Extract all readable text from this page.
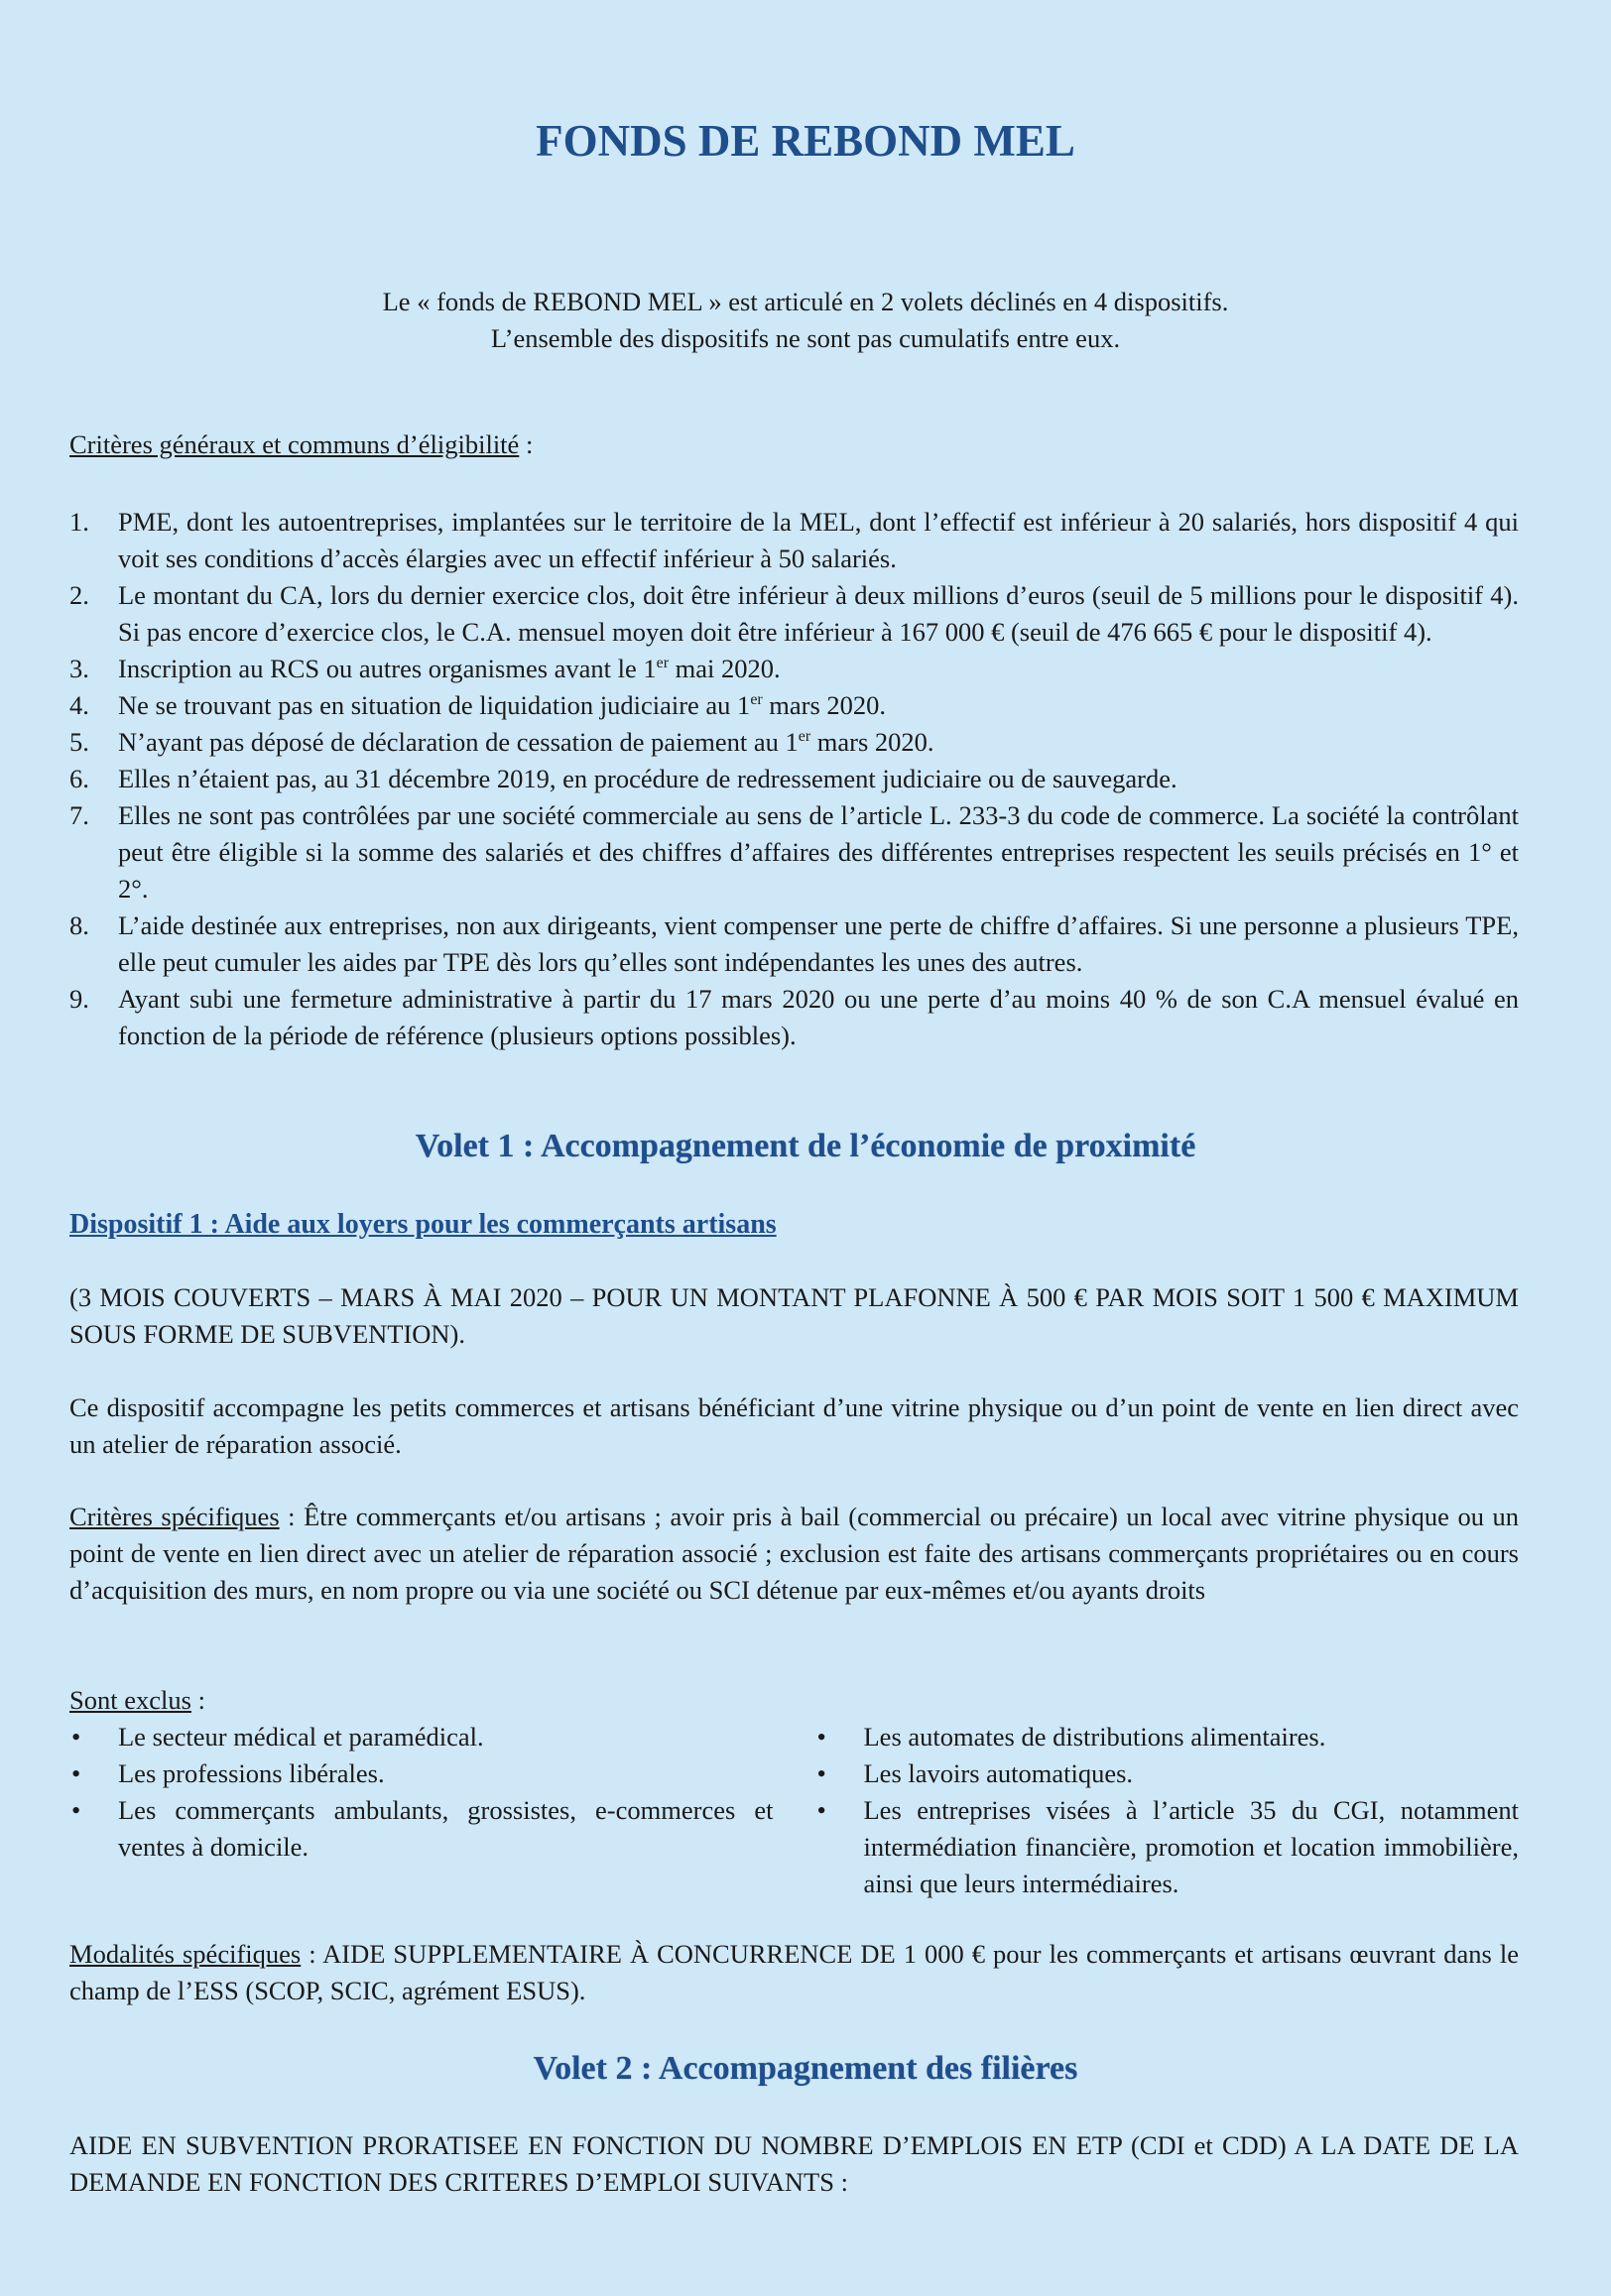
FONDS DE REBOND MEL

Le « fonds de REBOND MEL » est articulé en 2 volets déclinés en 4 dispositifs.

L’ensemble des dispositifs ne sont pas cumulatifs entre eux.

Critères généraux et communs d’éligibilité :
1. PME, dont les autoentreprises, implantées sur le territoire de la MEL, dont l’effectif est inférieur à 20 salariés, hors dispositif 4 qui voit ses conditions d’accès élargies avec un effectif inférieur à 50 salariés.
2. Le montant du CA, lors du dernier exercice clos, doit être inférieur à deux millions d’euros (seuil de 5 millions pour le dispositif 4). Si pas encore d’exercice clos, le C.A. mensuel moyen doit être inférieur à 167 000 € (seuil de 476 665 € pour le dispositif 4).
3. Inscription au RCS ou autres organismes avant le 1er mai 2020.
4. Ne se trouvant pas en situation de liquidation judiciaire au 1er mars 2020.
5. N’ayant pas déposé de déclaration de cessation de paiement au 1er mars 2020.
6. Elles n’étaient pas, au 31 décembre 2019, en procédure de redressement judiciaire ou de sauvegarde.
7. Elles ne sont pas contrôlées par une société commerciale au sens de l’article L. 233-3 du code de commerce. La société la contrôlant peut être éligible si la somme des salariés et des chiffres d’affaires des différentes entreprises respectent les seuils précisés en 1° et 2°.
8. L’aide destinée aux entreprises, non aux dirigeants, vient compenser une perte de chiffre d’affaires. Si une personne a plusieurs TPE, elle peut cumuler les aides par TPE dès lors qu’elles sont indépendantes les unes des autres.
9. Ayant subi une fermeture administrative à partir du 17 mars 2020 ou une perte d’au moins 40 % de son C.A mensuel évalué en fonction de la période de référence (plusieurs options possibles).
Volet 1 : Accompagnement de l’économie de proximité

Dispositif 1 : Aide aux loyers pour les commerçants artisans

(3 MOIS COUVERTS – MARS À MAI 2020 – POUR UN MONTANT PLAFONNE À 500 € PAR MOIS SOIT 1 500 € MAXIMUM SOUS FORME DE SUBVENTION).

Ce dispositif accompagne les petits commerces et artisans bénéficiant d’une vitrine physique ou d’un point de vente en lien direct avec un atelier de réparation associé.

Critères spécifiques : Être commerçants et/ou artisans ; avoir pris à bail (commercial ou précaire) un local avec vitrine physique ou un point de vente en lien direct avec un atelier de réparation associé ; exclusion est faite des artisans commerçants propriétaires ou en cours d’acquisition des murs, en nom propre ou via une société ou SCI détenue par eux-mêmes et/ou ayants droits

Sont exclus :
• Le secteur médical et paramédical.
• Les professions libérales.
• Les commerçants ambulants, grossistes, e-commerces et ventes à domicile.
• Les automates de distributions alimentaires.
• Les lavoirs automatiques.
• Les entreprises visées à l’article 35 du CGI, notamment intermédiation financière, promotion et location immobilière, ainsi que leurs intermédiaires.

Modalités spécifiques : AIDE SUPPLEMENTAIRE À CONCURRENCE DE 1 000 € pour les commerçants et artisans œuvrant dans le champ de l’ESS (SCOP, SCIC, agrément ESUS).

Volet 2 : Accompagnement des filières

AIDE EN SUBVENTION PRORATISEE EN FONCTION DU NOMBRE D’EMPLOIS EN ETP (CDI et CDD) A LA DATE DE LA DEMANDE EN FONCTION DES CRITERES D’EMPLOI SUIVANTS :
